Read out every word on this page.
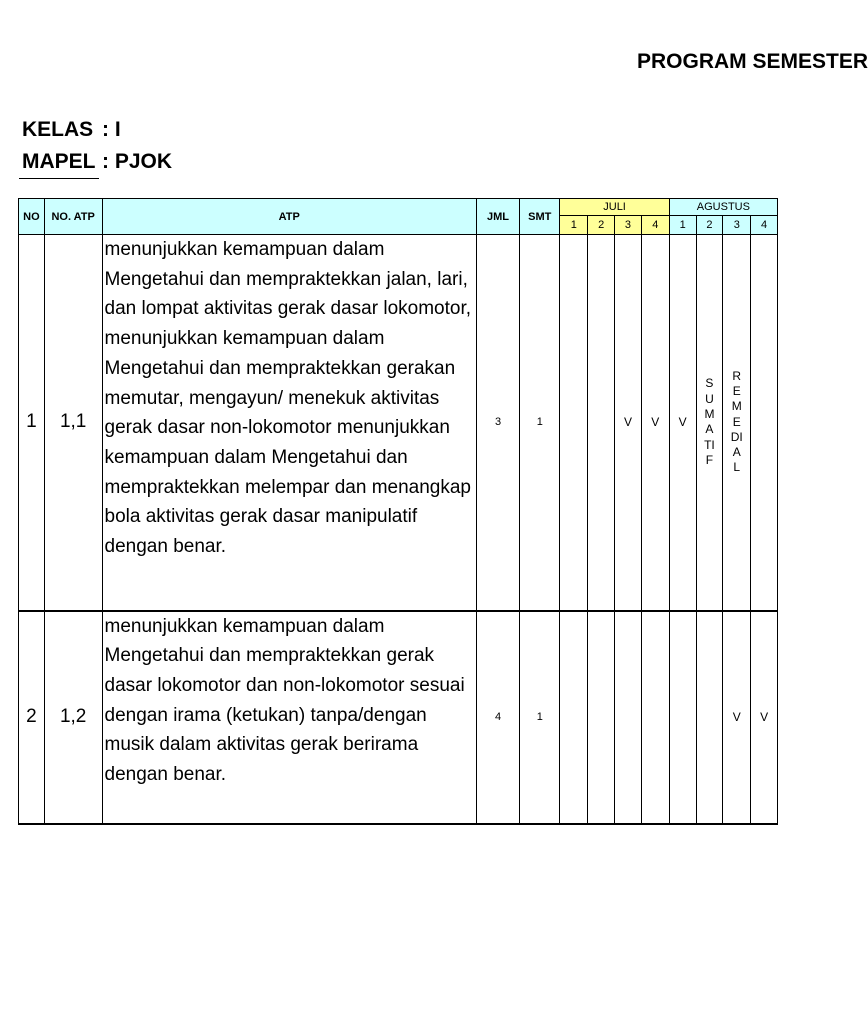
PROGRAM SEMESTER
KELAS : I
MAPEL : PJOK
NO	NO. ATP	ATP	JML	SMT	JULI				AGUSTUS			
					1	2	3	4	1	2	3	4
1	1,1	menunjukkan kemampuan dalam Mengetahui dan mempraktekkan jalan, lari, dan lompat aktivitas gerak dasar lokomotor, menunjukkan kemampuan dalam Mengetahui dan mempraktekkan gerakan memutar, mengayun/ menekuk aktivitas gerak dasar non-lokomotor menunjukkan kemampuan dalam Mengetahui dan mempraktekkan melempar dan menangkap bola aktivitas gerak dasar manipulatif dengan benar.	3	1			V	V	V	SUMATIF	REMEDIAL	
2	1,2	menunjukkan kemampuan dalam Mengetahui dan mempraktekkan gerak dasar lokomotor dan non-lokomotor sesuai dengan irama (ketukan) tanpa/dengan musik dalam aktivitas gerak berirama dengan benar.	4	1							V	V
